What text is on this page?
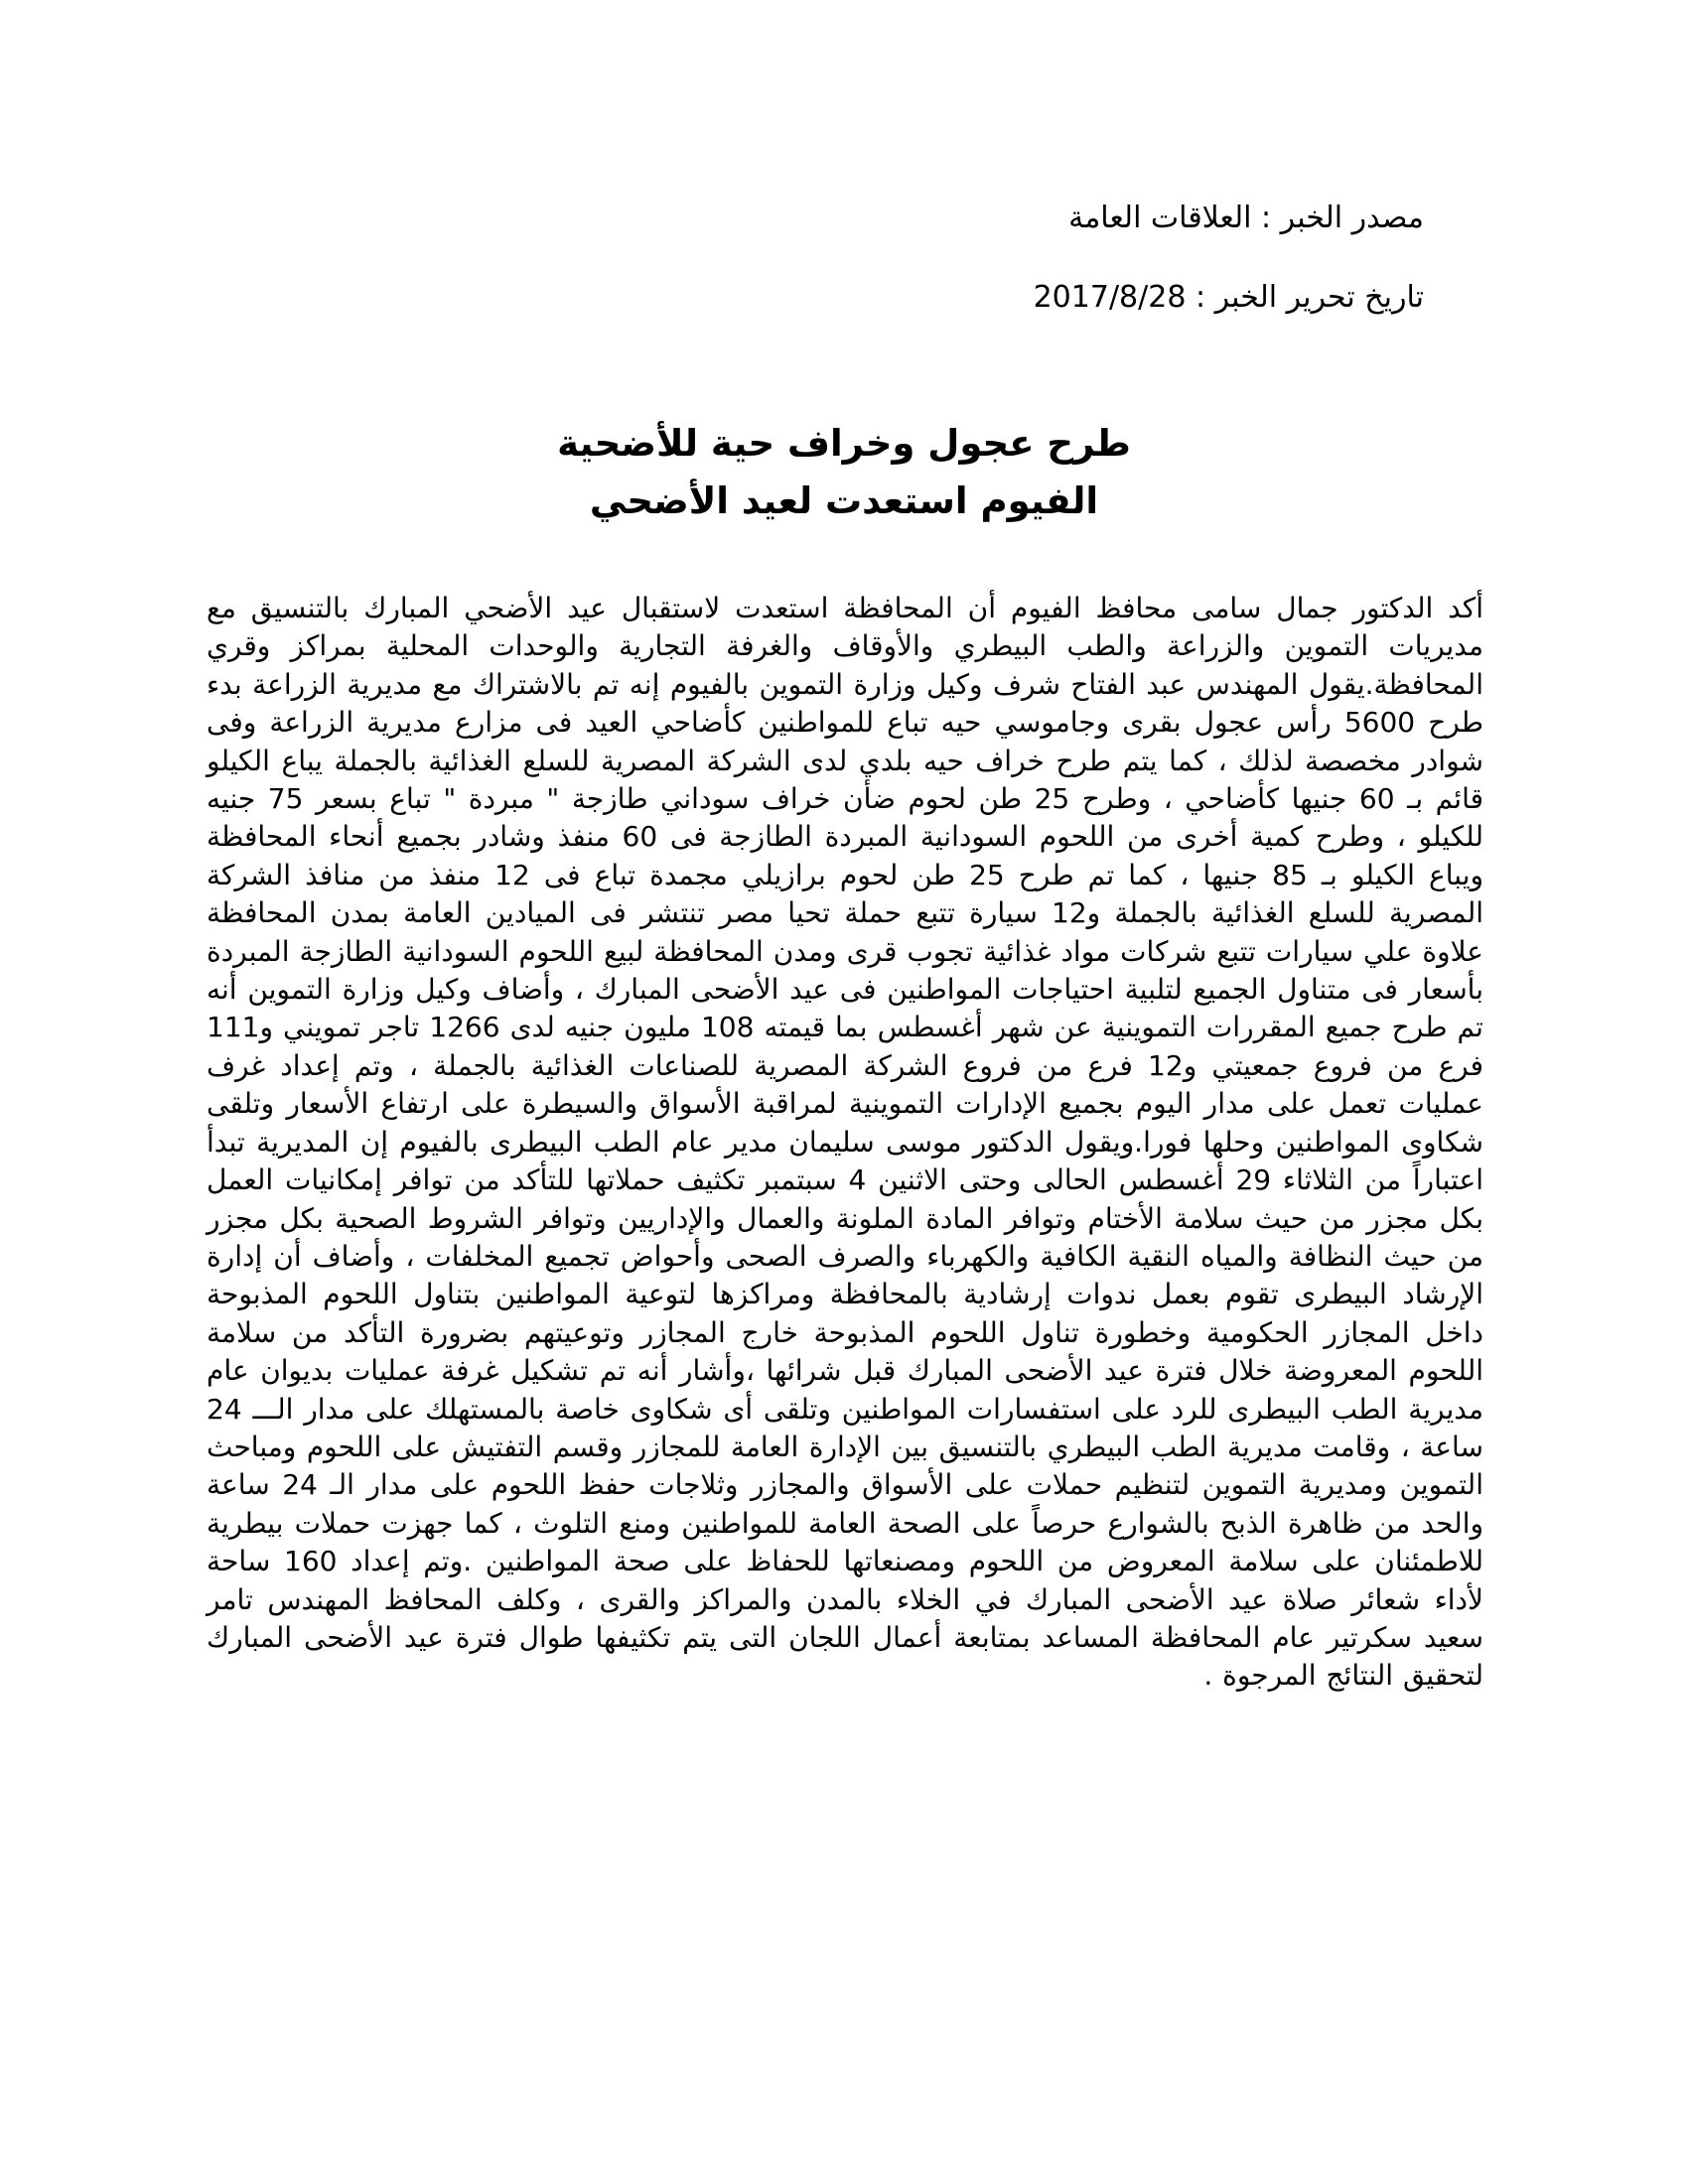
مصدر الخبر : العلاقات العامة
تاريخ تحرير الخبر : 2017/8/28
طرح عجول وخراف حية للأضحية
الفيوم استعدت لعيد الأضحي

أكد الدكتور جمال سامى محافظ الفيوم أن المحافظة استعدت لاستقبال عيد الأضحي المبارك بالتنسيق مع مديريات التموين والزراعة والطب البيطري والأوقاف والغرفة التجارية والوحدات المحلية بمراكز وقري المحافظة.يقول المهندس عبد الفتاح شرف وكيل وزارة التموين بالفيوم إنه تم بالاشتراك مع مديرية الزراعة بدء طرح 5600 رأس عجول بقرى وجاموسي حيه تباع للمواطنين كأضاحي العيد فى مزارع مديرية الزراعة وفى شوادر مخصصة لذلك ، كما يتم طرح خراف حيه بلدي لدى الشركة المصرية للسلع الغذائية بالجملة يباع الكيلو قائم بـ 60 جنيها كأضاحي ، وطرح 25 طن لحوم ضأن خراف سوداني طازجة " مبردة " تباع بسعر 75 جنيه للكيلو ، وطرح كمية أخرى من اللحوم السودانية المبردة الطازجة فى 60 منفذ وشادر بجميع أنحاء المحافظة ويباع الكيلو بـ 85 جنيها ، كما تم طرح 25 طن لحوم برازيلي مجمدة تباع فى 12 منفذ من منافذ الشركة المصرية للسلع الغذائية بالجملة و12 سيارة تتبع حملة تحيا مصر تنتشر فى الميادين العامة بمدن المحافظة علاوة علي سيارات تتبع شركات مواد غذائية تجوب قرى ومدن المحافظة لبيع اللحوم السودانية الطازجة المبردة بأسعار فى متناول الجميع لتلبية احتياجات المواطنين فى عيد الأضحى المبارك ، وأضاف وكيل وزارة التموين أنه تم طرح جميع المقررات التموينية عن شهر أغسطس بما قيمته 108 مليون جنيه لدى 1266 تاجر تمويني و111 فرع من فروع جمعيتي و12 فرع من فروع الشركة المصرية للصناعات الغذائية بالجملة ، وتم إعداد غرف عمليات تعمل على مدار اليوم بجميع الإدارات التموينية لمراقبة الأسواق والسيطرة على ارتفاع الأسعار وتلقى شكاوى المواطنين وحلها فورا.ويقول الدكتور موسى سليمان مدير عام الطب البيطرى بالفيوم إن المديرية تبدأ اعتباراً من الثلاثاء 29 أغسطس الحالى وحتى الاثنين 4 سبتمبر تكثيف حملاتها للتأكد من توافر إمكانيات العمل بكل مجزر من حيث سلامة الأختام وتوافر المادة الملونة والعمال والإداريين وتوافر الشروط الصحية بكل مجزر من حيث النظافة والمياه النقية الكافية والكهرباء والصرف الصحى وأحواض تجميع المخلفات ، وأضاف أن إدارة الإرشاد البيطرى تقوم بعمل ندوات إرشادية بالمحافظة ومراكزها لتوعية المواطنين بتناول اللحوم المذبوحة داخل المجازر الحكومية وخطورة تناول اللحوم المذبوحة خارج المجازر وتوعيتهم بضرورة التأكد من سلامة اللحوم المعروضة خلال فترة عيد الأضحى المبارك قبل شرائها ،وأشار أنه تم تشكيل غرفة عمليات بديوان عام مديرية الطب البيطرى للرد على استفسارات المواطنين وتلقى أى شكاوى خاصة بالمستهلك على مدار الـــ 24 ساعة ، وقامت مديرية الطب البيطري بالتنسيق بين الإدارة العامة للمجازر وقسم التفتيش على اللحوم ومباحث التموين ومديرية التموين لتنظيم حملات على الأسواق والمجازر وثلاجات حفظ اللحوم على مدار الـ 24 ساعة والحد من ظاهرة الذبح بالشوارع حرصاً على الصحة العامة للمواطنين ومنع التلوث ، كما جهزت حملات بيطرية للاطمئنان على سلامة المعروض من اللحوم ومصنعاتها للحفاظ على صحة المواطنين .وتم إعداد 160 ساحة لأداء شعائر صلاة عيد الأضحى المبارك في الخلاء بالمدن والمراكز والقرى ، وكلف المحافظ المهندس تامر سعيد سكرتير عام المحافظة المساعد بمتابعة أعمال اللجان التى يتم تكثيفها طوال فترة عيد الأضحى المبارك لتحقيق النتائج المرجوة .
